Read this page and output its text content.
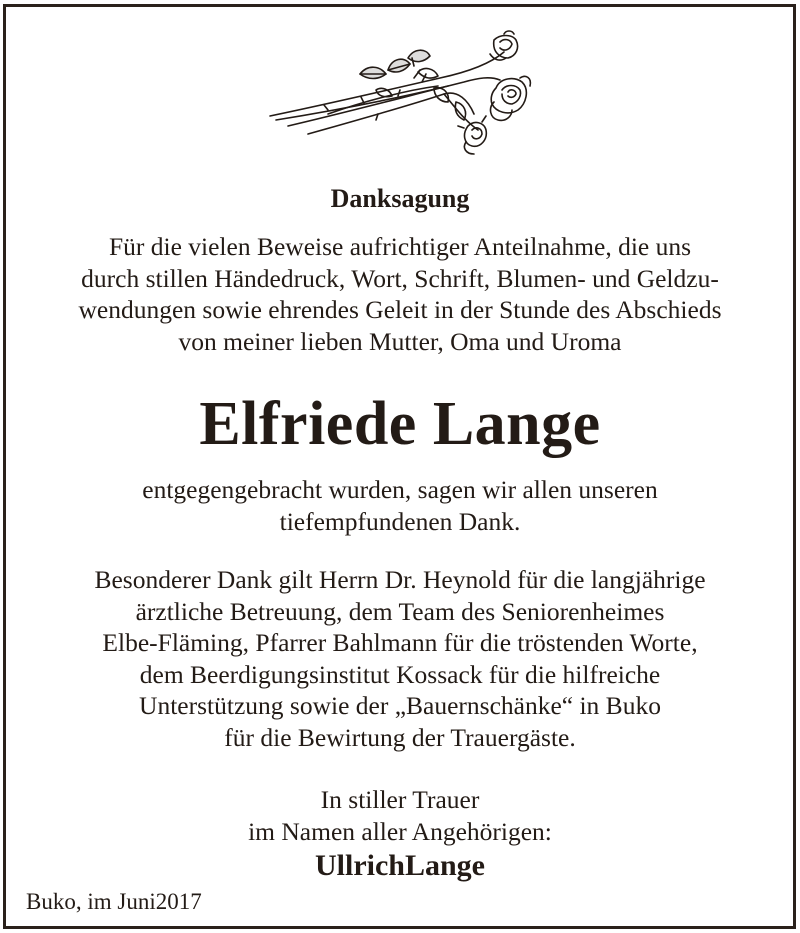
Danksagung
Für die vielen Beweise aufrichtiger Anteilnahme, die uns
durch stillen Händedruck, Wort, Schrift, Blumen- und Geldzu-
wendungen sowie ehrendes Geleit in der Stunde des Abschieds
von meiner lieben Mutter, Oma und Uroma
Elfriede Lange
entgegengebracht wurden, sagen wir allen unseren
tiefempfundenen Dank.
Besonderer Dank gilt Herrn Dr. Heynold für die langjährige
ärztliche Betreuung, dem Team des Seniorenheimes
Elbe-Fläming, Pfarrer Bahlmann für die tröstenden Worte,
dem Beerdigungsinstitut Kossack für die hilfreiche
Unterstützung sowie der „Bauernschänke“ in Buko
für die Bewirtung der Trauergäste.
In stiller Trauer
im Namen aller Angehörigen:
UllrichLange
Buko, im Juni2017
